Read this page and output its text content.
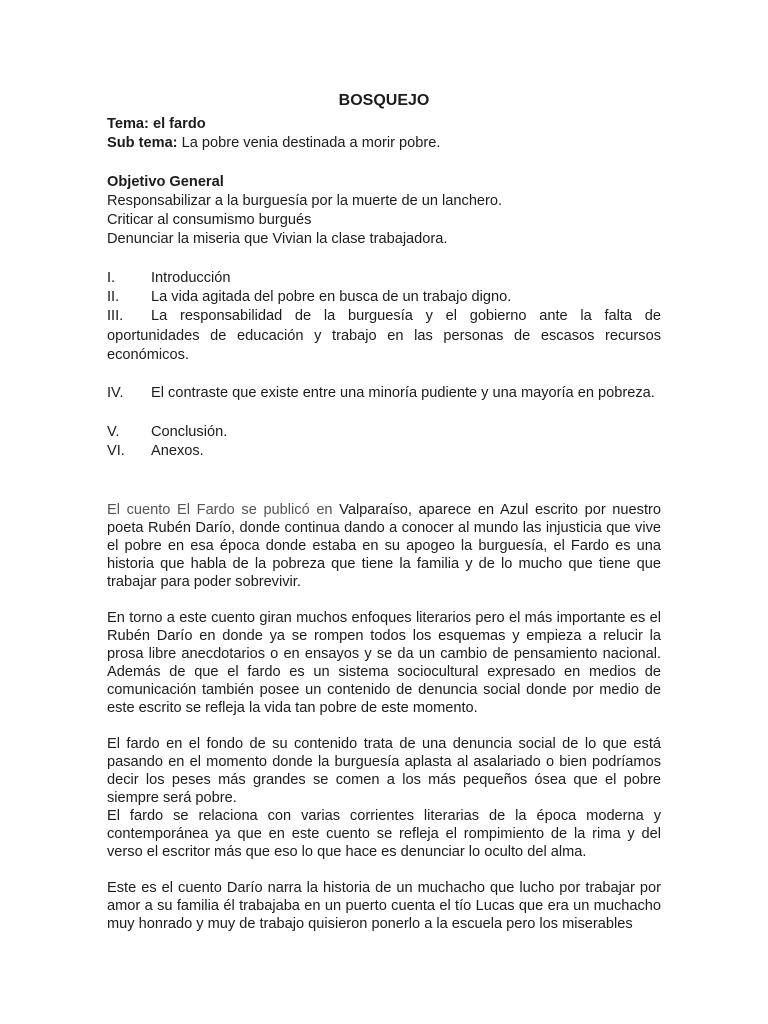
BOSQUEJO

Tema: el fardo

Sub tema: La pobre venia destinada a morir pobre.

Objetivo General

Responsabilizar a la burguesía por la muerte de un lanchero.

Criticar al consumismo burgués

Denunciar la miseria que Vivian la clase trabajadora.

I.	Introducción
II.	La vida agitada del pobre en busca de un trabajo digno.
III.	La responsabilidad de la burguesía y el gobierno ante la falta de

oportunidades de educación y trabajo en las personas de escasos recursos

económicos.

IV.	El contraste que existe entre una minoría pudiente y una mayoría en pobreza.
V.	Conclusión.
VI.	Anexos.

El cuento El Fardo se publicó en Valparaíso, aparece en Azul escrito por nuestro poeta Rubén Darío, donde continua dando a conocer al mundo las injusticia que vive el pobre en esa época donde estaba en su apogeo la burguesía, el Fardo es una historia que habla de la pobreza que tiene la familia y de lo mucho que tiene que trabajar para poder sobrevivir.

En torno a este cuento giran muchos enfoques literarios pero el más importante es el Rubén Darío en donde ya se rompen todos los esquemas y empieza a relucir la prosa libre anecdotarios o en ensayos y se da un cambio de pensamiento nacional. Además de que el fardo es un sistema sociocultural expresado en medios de comunicación también posee un contenido de denuncia social donde por medio de este escrito se refleja la vida tan pobre de este momento.

El fardo en el fondo de su contenido trata de una denuncia social de lo que está pasando en el momento donde la burguesía aplasta al asalariado o bien podríamos decir los peses más grandes se comen a los más pequeños ósea que el pobre siempre será pobre.

El fardo se relaciona con varias corrientes literarias de la época moderna y contemporánea ya que en este cuento se refleja el rompimiento de la rima y del verso el escritor más que eso lo que hace es denunciar lo oculto del alma.

Este es el cuento Darío narra la historia de un muchacho que lucho por trabajar por amor a su familia él trabajaba en un puerto cuenta el tío Lucas que era un muchacho muy honrado y muy de trabajo quisieron ponerlo a la escuela pero los miserables
